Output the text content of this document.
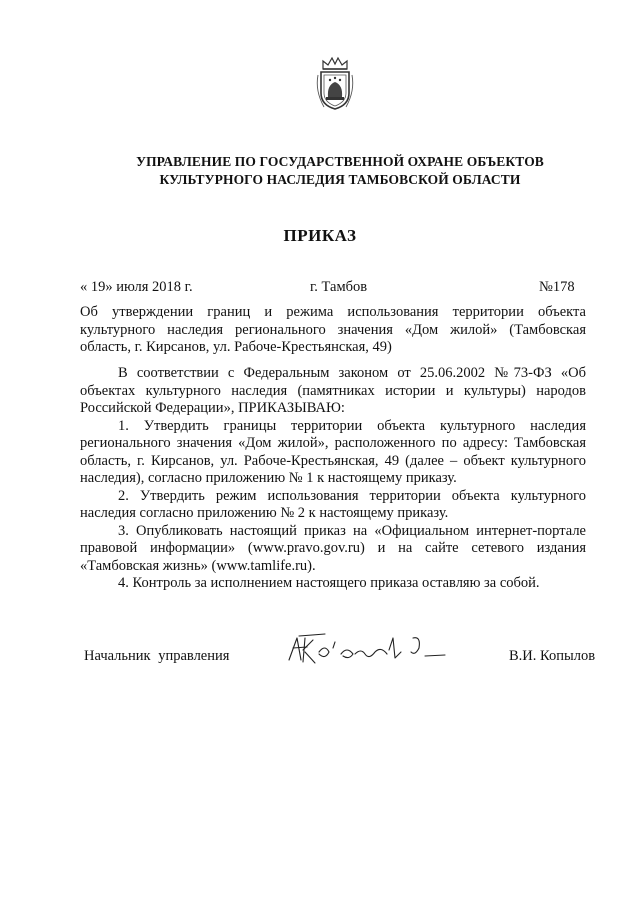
УПРАВЛЕНИЕ ПО ГОСУДАРСТВЕННОЙ ОХРАНЕ ОБЪЕКТОВ
КУЛЬТУРНОГО НАСЛЕДИЯ ТАМБОВСКОЙ ОБЛАСТИ
ПРИКАЗ
« 19» июля 2018 г.	г. Тамбов	№178
Об утверждении границ и режима использования территории объекта культурного наследия регионального значения «Дом жилой» (Тамбовская область, г. Кирсанов, ул. Рабоче-Крестьянская, 49)

В соответствии с Федеральным законом от 25.06.2002 №73-ФЗ «Об объектах культурного наследия (памятниках истории и культуры) народов Российской Федерации», ПРИКАЗЫВАЮ:

1. Утвердить границы территории объекта культурного наследия регионального значения «Дом жилой», расположенного по адресу: Тамбовская область, г. Кирсанов, ул. Рабоче-Крестьянская, 49 (далее – объект культурного наследия), согласно приложению № 1 к настоящему приказу.

2. Утвердить режим использования территории объекта культурного наследия согласно приложению № 2 к настоящему приказу.

3. Опубликовать настоящий приказ на «Официальном интернет-портале правовой информации» (www.pravo.gov.ru) и на сайте сетевого издания «Тамбовская жизнь» (www.tamlife.ru).

4. Контроль за исполнением настоящего приказа оставляю за собой.

Начальник управления	В.И. Копылов
